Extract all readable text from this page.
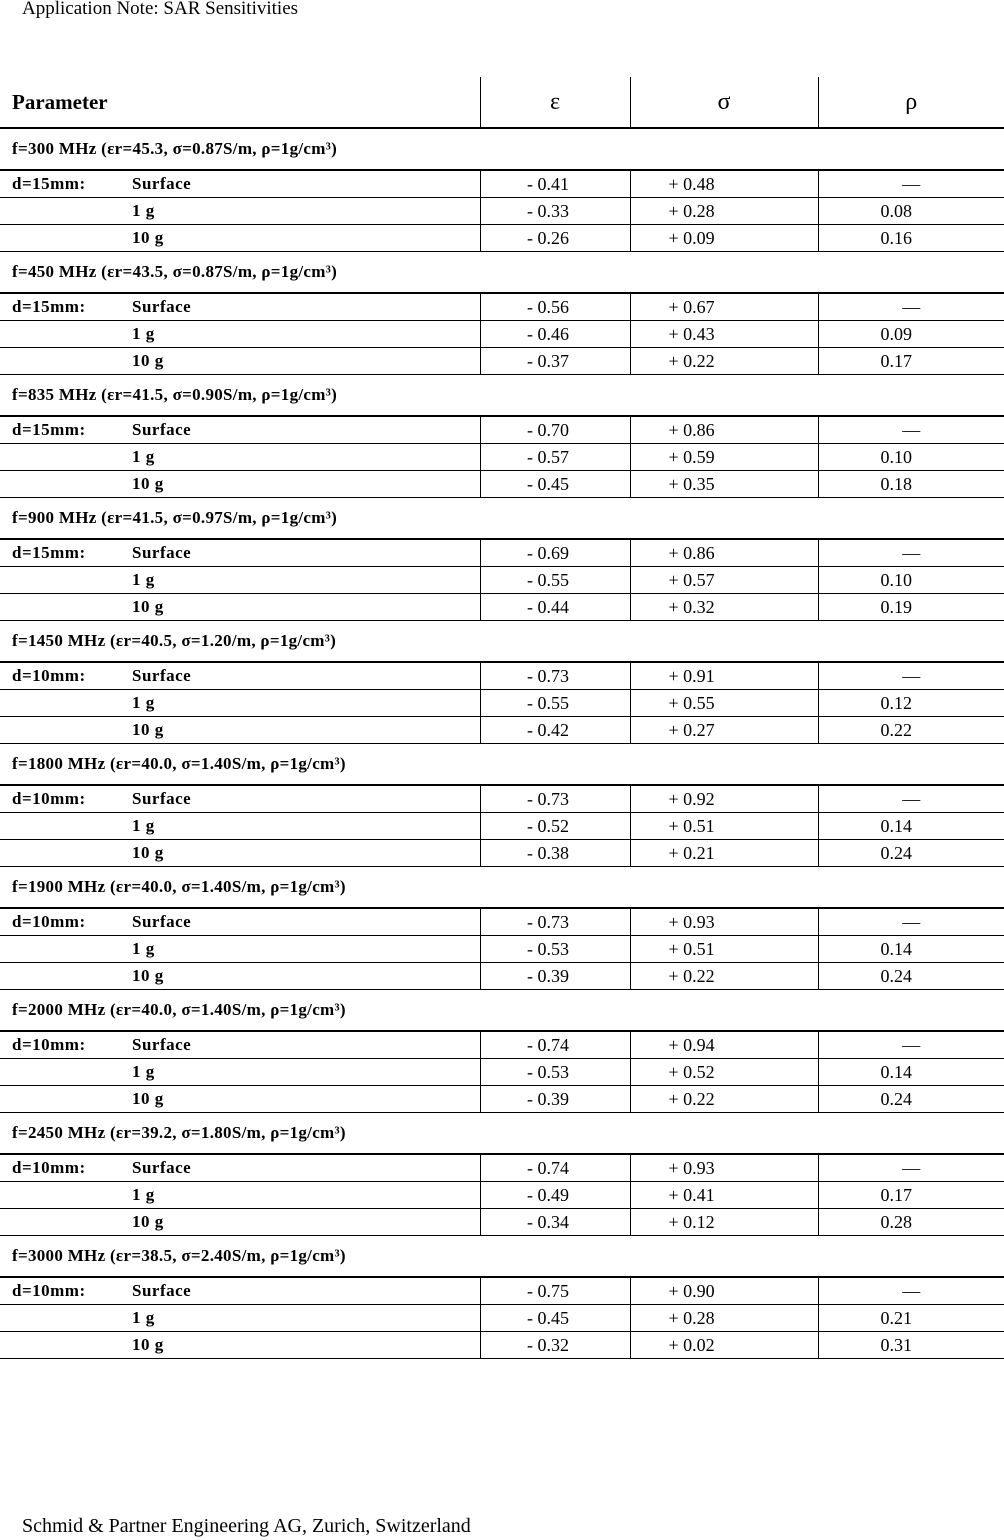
Application Note: SAR Sensitivities
Parameter	ε	σ	ρ
f=300 MHz (εr=45.3, σ=0.87S/m, ρ=1g/cm³)			
d=15mm: Surface	- 0.41	+ 0.48	—
1 g	- 0.33	+ 0.28	0.08
10 g	- 0.26	+ 0.09	0.16
f=450 MHz (εr=43.5, σ=0.87S/m, ρ=1g/cm³)			
d=15mm: Surface	- 0.56	+ 0.67	—
1 g	- 0.46	+ 0.43	0.09
10 g	- 0.37	+ 0.22	0.17
f=835 MHz (εr=41.5, σ=0.90S/m, ρ=1g/cm³)			
d=15mm: Surface	- 0.70	+ 0.86	—
1 g	- 0.57	+ 0.59	0.10
10 g	- 0.45	+ 0.35	0.18
f=900 MHz (εr=41.5, σ=0.97S/m, ρ=1g/cm³)			
d=15mm: Surface	- 0.69	+ 0.86	—
1 g	- 0.55	+ 0.57	0.10
10 g	- 0.44	+ 0.32	0.19
f=1450 MHz (εr=40.5, σ=1.20/m, ρ=1g/cm³)			
d=10mm: Surface	- 0.73	+ 0.91	—
1 g	- 0.55	+ 0.55	0.12
10 g	- 0.42	+ 0.27	0.22
f=1800 MHz (εr=40.0, σ=1.40S/m, ρ=1g/cm³)			
d=10mm: Surface	- 0.73	+ 0.92	—
1 g	- 0.52	+ 0.51	0.14
10 g	- 0.38	+ 0.21	0.24
f=1900 MHz (εr=40.0, σ=1.40S/m, ρ=1g/cm³)			
d=10mm: Surface	- 0.73	+ 0.93	—
1 g	- 0.53	+ 0.51	0.14
10 g	- 0.39	+ 0.22	0.24
f=2000 MHz (εr=40.0, σ=1.40S/m, ρ=1g/cm³)			
d=10mm: Surface	- 0.74	+ 0.94	—
1 g	- 0.53	+ 0.52	0.14
10 g	- 0.39	+ 0.22	0.24
f=2450 MHz (εr=39.2, σ=1.80S/m, ρ=1g/cm³)			
d=10mm: Surface	- 0.74	+ 0.93	—
1 g	- 0.49	+ 0.41	0.17
10 g	- 0.34	+ 0.12	0.28
f=3000 MHz (εr=38.5, σ=2.40S/m, ρ=1g/cm³)			
d=10mm: Surface	- 0.75	+ 0.90	—
1 g	- 0.45	+ 0.28	0.21
10 g	- 0.32	+ 0.02	0.31
Schmid & Partner Engineering AG, Zurich, Switzerland
